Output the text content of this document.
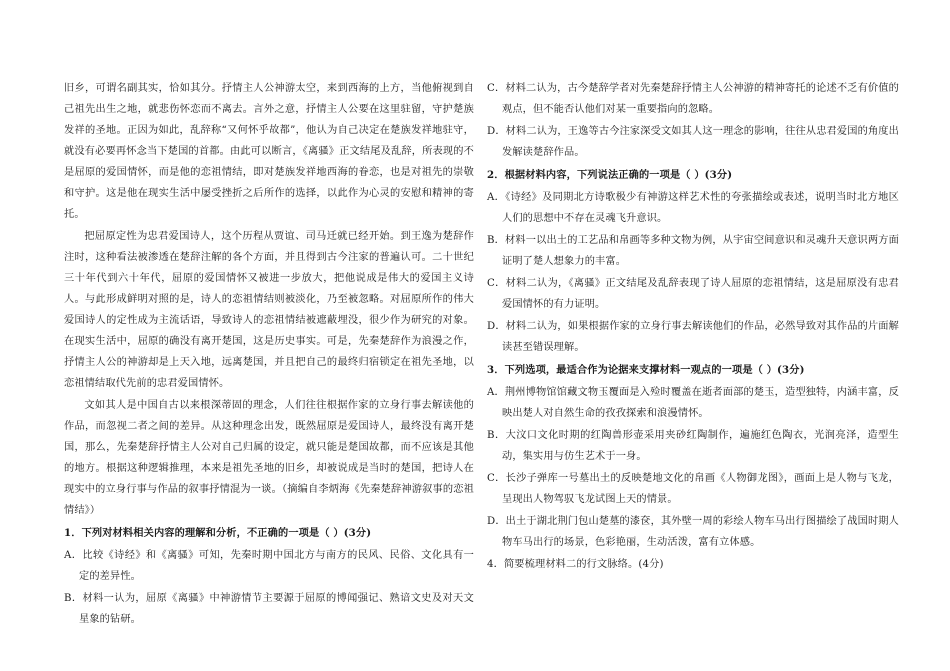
旧乡，可谓名副其实，恰如其分。抒情主人公神游太空，来到西海的上方，当他俯视到自己祖先出生之地，就悲伤怀恋而不离去。言外之意，抒情主人公要在这里驻留，守护楚族发祥的圣地。正因为如此，乱辞称“又何怀乎故都”，他认为自己决定在楚族发祥地驻守，就没有必要再怀念当下楚国的首都。由此可以断言，《离骚》正文结尾及乱辞，所表现的不是屈原的爱国情怀，而是他的恋祖情结，即对楚族发祥地西海的眷恋，也是对祖先的崇敬和守护。这是他在现实生活中屡受挫折之后所作的选择，以此作为心灵的安慰和精神的寄托。

把屈原定性为忠君爱国诗人，这个历程从贾谊、司马迁就已经开始。到王逸为楚辞作注时，这种看法被渗透在楚辞注解的各个方面，并且得到古今注家的普遍认可。二十世纪三十年代到六十年代，屈原的爱国情怀又被进一步放大，把他说成是伟大的爱国主义诗人。与此形成鲜明对照的是，诗人的恋祖情结则被淡化，乃至被忽略。对屈原所作的伟大爱国诗人的定性成为主流话语，导致诗人的恋祖情结被遮蔽埋没，很少作为研究的对象。在现实生活中，屈原的确没有离开楚国，这是历史事实。可是，先秦楚辞作为浪漫之作，抒情主人公的神游却是上天入地，远离楚国，并且把自己的最终归宿锁定在祖先圣地，以恋祖情结取代先前的忠君爱国情怀。

文如其人是中国自古以来根深蒂固的理念，人们往往根据作家的立身行事去解读他的作品，而忽视二者之间的差异。从这种理念出发，既然屈原是爱国诗人，最终没有离开楚国，那么，先秦楚辞抒情主人公对自己归属的设定，就只能是楚国故都，而不应该是其他的地方。根据这种逻辑推理，本来是祖先圣地的旧乡，却被说成是当时的楚国，把诗人在现实中的立身行事与作品的叙事抒情混为一谈。（摘编自李炳海《先秦楚辞神游叙事的恋祖情结》）

1．下列对材料相关内容的理解和分析，不正确的一项是（ ）(3分)

A．比较《诗经》和《离骚》可知，先秦时期中国北方与南方的民风、民俗、文化具有一定的差异性。

B．材料一认为，屈原《离骚》中神游情节主要源于屈原的博闻强记、熟谙文史及对天文星象的钻研。

C．材料二认为，古今楚辞学者对先秦楚辞抒情主人公神游的精神寄托的论述不乏有价值的观点，但不能否认他们对某一重要指向的忽略。

D．材料二认为，王逸等古今注家深受文如其人这一理念的影响，往往从忠君爱国的角度出发解读楚辞作品。

2．根据材料内容，下列说法正确的一项是（ ）(3分)

A．《诗经》及同期北方诗歌极少有神游这样艺术性的夸张描绘或表述，说明当时北方地区人们的思想中不存在灵魂飞升意识。

B．材料一以出土的工艺品和帛画等多种文物为例，从宇宙空间意识和灵魂升天意识两方面证明了楚人想象力的丰富。

C．材料二认为，《离骚》正文结尾及乱辞表现了诗人屈原的恋祖情结，这是屈原没有忠君爱国情怀的有力证明。

D．材料二认为，如果根据作家的立身行事去解读他们的作品，必然导致对其作品的片面解读甚至错误理解。

3．下列选项，最适合作为论据来支撑材料一观点的一项是（ ）(3分)

A．荆州博物馆馆藏文物玉覆面是入殓时覆盖在逝者面部的楚玉，造型独特，内涵丰富，反映出楚人对自然生命的孜孜探索和浪漫情怀。

B．大汶口文化时期的红陶兽形壶采用夹砂红陶制作，遍施红色陶衣，光润亮泽，造型生动，集实用与仿生艺术于一身。

C．长沙子弹库一号墓出土的反映楚地文化的帛画《人物御龙图》，画面上是人物与飞龙，呈现出人物驾驭飞龙试图上天的情景。

D．出土于湖北荆门包山楚墓的漆奁，其外壁一周的彩绘人物车马出行图描绘了战国时期人物车马出行的场景，色彩艳丽，生动活泼，富有立体感。

4．简要梳理材料二的行文脉络。(4分)
